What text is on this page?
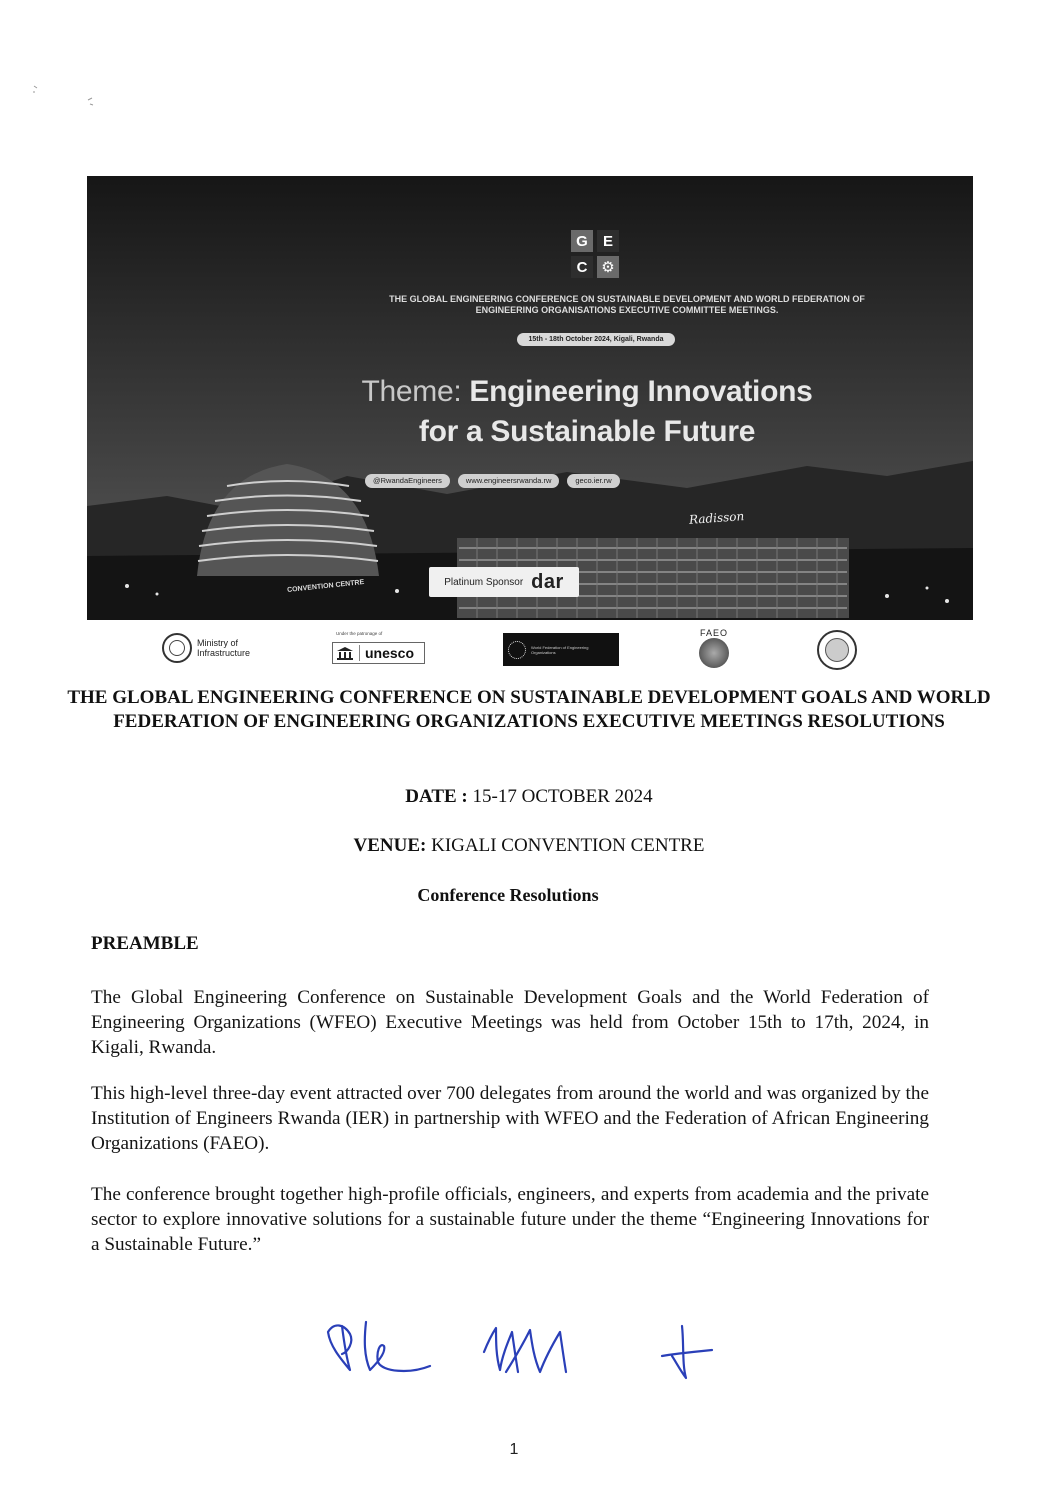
G	E
C ⚙
THE GLOBAL ENGINEERING CONFERENCE ON SUSTAINABLE DEVELOPMENT AND WORLD FEDERATION OF ENGINEERING ORGANISATIONS EXECUTIVE COMMITTEE MEETINGS.
15th - 18th October 2024, Kigali, Rwanda
Theme: Engineering Innovations
for a Sustainable Future
@RwandaEngineers	www.engineersrwanda.rw	geco.ier.rw
Radisson
CONVENTION CENTRE	Platinum Sponsor dar
Ministry of
Infrastructure
Under the patronage of
unesco	World Federation of Engineering Organizations
FAEO
THE GLOBAL ENGINEERING CONFERENCE ON SUSTAINABLE DEVELOPMENT GOALS AND WORLD FEDERATION OF ENGINEERING ORGANIZATIONS EXECUTIVE MEETINGS RESOLUTIONS
DATE : 15-17 OCTOBER 2024
VENUE: KIGALI CONVENTION CENTRE
Conference Resolutions
PREAMBLE
The Global Engineering Conference on Sustainable Development Goals and the World Federation of Engineering Organizations (WFEO) Executive Meetings was held from October 15th to 17th, 2024, in Kigali, Rwanda.
This high-level three-day event attracted over 700 delegates from around the world and was organized by the Institution of Engineers Rwanda (IER) in partnership with WFEO and the Federation of African Engineering Organizations (FAEO).
The conference brought together high-profile officials, engineers, and experts from academia and the private sector to explore innovative solutions for a sustainable future under the theme “Engineering Innovations for a Sustainable Future.”
1
